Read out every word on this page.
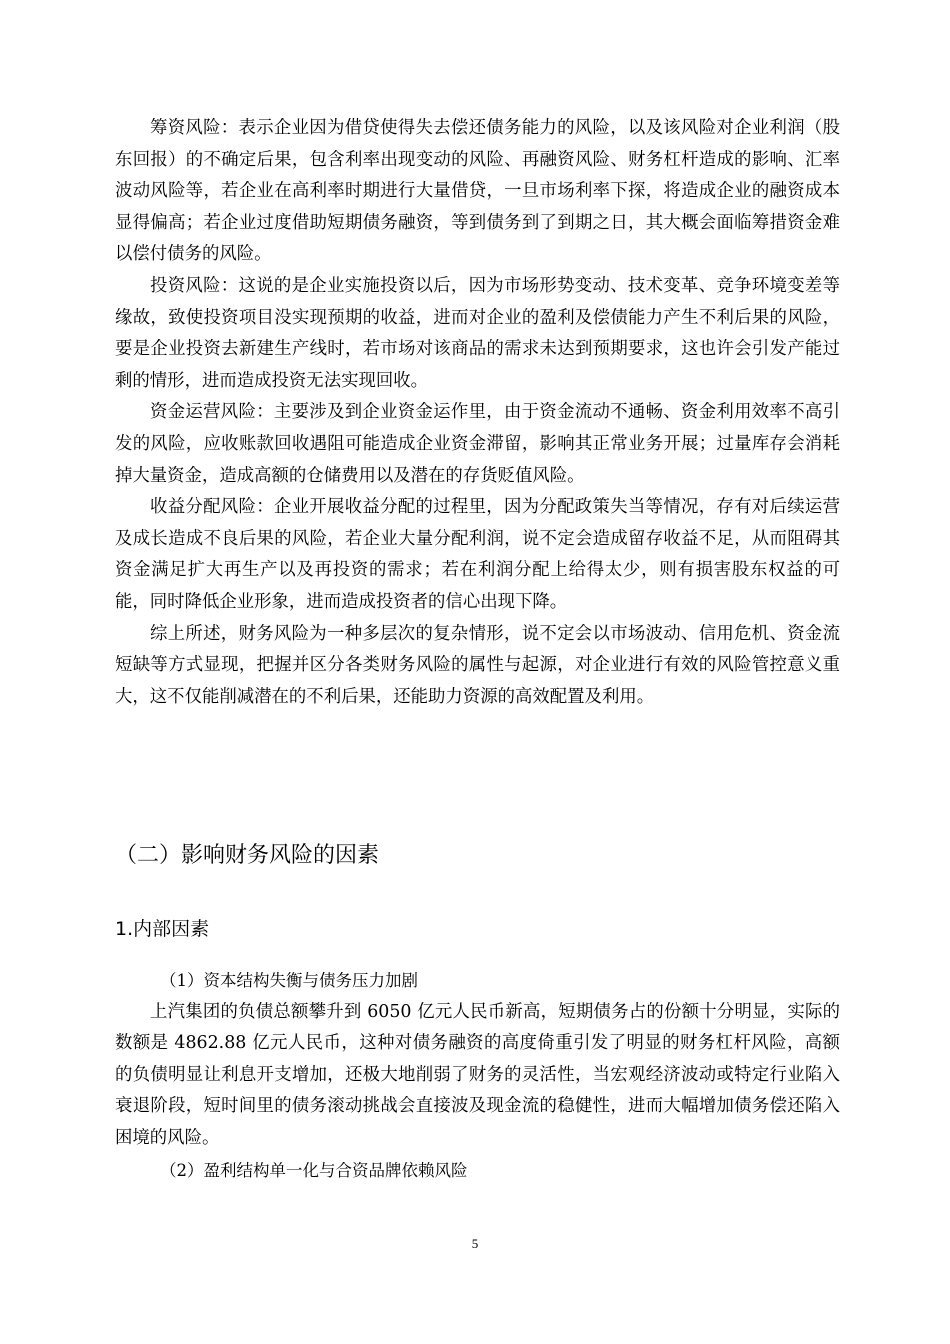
筹资风险：表示企业因为借贷使得失去偿还债务能力的风险，以及该风险对企业利润（股东回报）的不确定后果，包含利率出现变动的风险、再融资风险、财务杠杆造成的影响、汇率波动风险等，若企业在高利率时期进行大量借贷，一旦市场利率下探，将造成企业的融资成本显得偏高；若企业过度借助短期债务融资，等到债务到了到期之日，其大概会面临筹措资金难以偿付债务的风险。

投资风险：这说的是企业实施投资以后，因为市场形势变动、技术变革、竞争环境变差等缘故，致使投资项目没实现预期的收益，进而对企业的盈利及偿债能力产生不利后果的风险，要是企业投资去新建生产线时，若市场对该商品的需求未达到预期要求，这也许会引发产能过剩的情形，进而造成投资无法实现回收。

资金运营风险：主要涉及到企业资金运作里，由于资金流动不通畅、资金利用效率不高引发的风险，应收账款回收遇阻可能造成企业资金滞留，影响其正常业务开展；过量库存会消耗掉大量资金，造成高额的仓储费用以及潜在的存货贬值风险。

收益分配风险：企业开展收益分配的过程里，因为分配政策失当等情况，存有对后续运营及成长造成不良后果的风险，若企业大量分配利润，说不定会造成留存收益不足，从而阻碍其资金满足扩大再生产以及再投资的需求；若在利润分配上给得太少，则有损害股东权益的可能，同时降低企业形象，进而造成投资者的信心出现下降。

综上所述，财务风险为一种多层次的复杂情形，说不定会以市场波动、信用危机、资金流短缺等方式显现，把握并区分各类财务风险的属性与起源，对企业进行有效的风险管控意义重大，这不仅能削减潜在的不利后果，还能助力资源的高效配置及利用。

（二）影响财务风险的因素
1.内部因素

（1）资本结构失衡与债务压力加剧

上汽集团的负债总额攀升到 6050 亿元人民币新高，短期债务占的份额十分明显，实际的数额是 4862.88 亿元人民币，这种对债务融资的高度倚重引发了明显的财务杠杆风险，高额的负债明显让利息开支增加，还极大地削弱了财务的灵活性，当宏观经济波动或特定行业陷入衰退阶段，短时间里的债务滚动挑战会直接波及现金流的稳健性，进而大幅增加债务偿还陷入困境的风险。

（2）盈利结构单一化与合资品牌依赖风险

5
